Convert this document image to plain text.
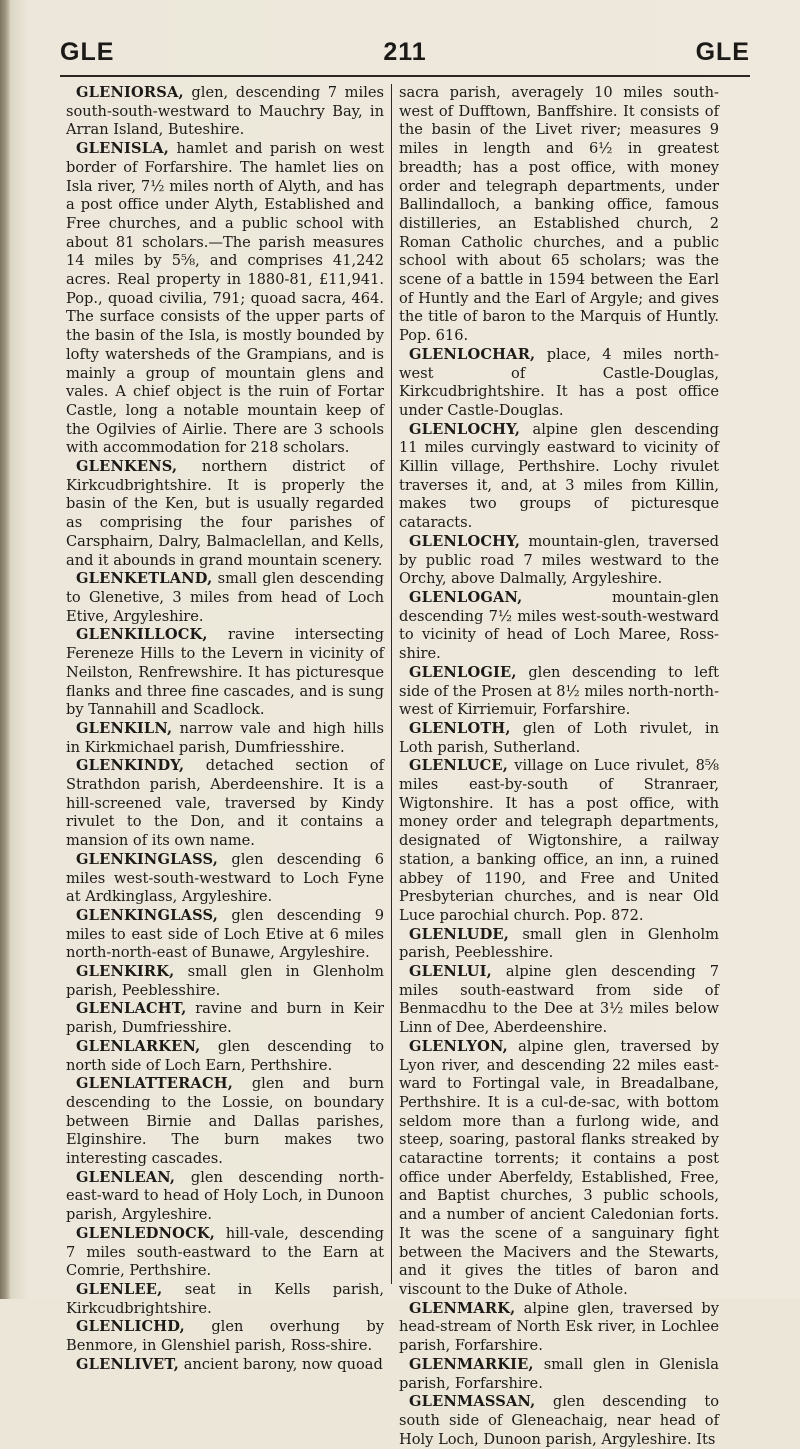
GLE	211	GLE

GLENIORSA, glen, descending 7 miles south-south-westward to Mauchry Bay, in Arran Island, Buteshire.

GLENISLA, hamlet and parish on west border of Forfarshire. The hamlet lies on Isla river, 7½ miles north of Alyth, and has a post office under Alyth, Established and Free churches, and a public school with about 81 scholars.—The parish measures 14 miles by 5⅝, and comprises 41,242 acres. Real property in 1880-81, £11,941. Pop., quoad civilia, 791; quoad sacra, 464. The surface consists of the upper parts of the basin of the Isla, is mostly bounded by lofty watersheds of the Grampians, and is mainly a group of mountain glens and vales. A chief object is the ruin of Fortar Castle, long a notable mountain keep of the Ogilvies of Airlie. There are 3 schools with accommodation for 218 scholars.

GLENKENS, northern district of Kirkcudbrightshire. It is properly the basin of the Ken, but is usually regarded as comprising the four parishes of Carsphairn, Dalry, Balmaclellan, and Kells, and it abounds in grand mountain scenery.

GLENKETLAND, small glen descending to Glenetive, 3 miles from head of Loch Etive, Argyleshire.

GLENKILLOCK, ravine intersecting Fereneze Hills to the Levern in vicinity of Neilston, Renfrewshire. It has picturesque flanks and three fine cascades, and is sung by Tannahill and Scadlock.

GLENKILN, narrow vale and high hills in Kirkmichael parish, Dumfriesshire.

GLENKINDY, detached section of Strathdon parish, Aberdeenshire. It is a hill-screened vale, traversed by Kindy rivulet to the Don, and it contains a mansion of its own name.

GLENKINGLASS, glen descending 6 miles west-south-westward to Loch Fyne at Ardkinglass, Argyleshire.

GLENKINGLASS, glen descending 9 miles to east side of Loch Etive at 6 miles north-north-east of Bunawe, Argyleshire.

GLENKIRK, small glen in Glenholm parish, Peeblesshire.

GLENLACHT, ravine and burn in Keir parish, Dumfriesshire.

GLENLARKEN, glen descending to north side of Loch Earn, Perthshire.

GLENLATTERACH, glen and burn descending to the Lossie, on boundary between Birnie and Dallas parishes, Elginshire. The burn makes two interesting cascades.

GLENLEAN, glen descending north-east-ward to head of Holy Loch, in Dunoon parish, Argyleshire.

GLENLEDNOCK, hill-vale, descending 7 miles south-eastward to the Earn at Comrie, Perthshire.

GLENLEE, seat in Kells parish, Kirkcudbrightshire.

GLENLICHD, glen overhung by Benmore, in Glenshiel parish, Ross-shire.

GLENLIVET, ancient barony, now quoad

sacra parish, averagely 10 miles south-west of Dufftown, Banffshire. It consists of the basin of the Livet river; measures 9 miles in length and 6½ in greatest breadth; has a post office, with money order and telegraph departments, under Ballindalloch, a banking office, famous distilleries, an Established church, 2 Roman Catholic churches, and a public school with about 65 scholars; was the scene of a battle in 1594 between the Earl of Huntly and the Earl of Argyle; and gives the title of baron to the Marquis of Huntly. Pop. 616.

GLENLOCHAR, place, 4 miles north-west of Castle-Douglas, Kirkcudbrightshire. It has a post office under Castle-Douglas.

GLENLOCHY, alpine glen descending 11 miles curvingly eastward to vicinity of Killin village, Perthshire. Lochy rivulet traverses it, and, at 3 miles from Killin, makes two groups of picturesque cataracts.

GLENLOCHY, mountain-glen, traversed by public road 7 miles westward to the Orchy, above Dalmally, Argyleshire.

GLENLOGAN, mountain-glen descending 7½ miles west-south-westward to vicinity of head of Loch Maree, Ross-shire.

GLENLOGIE, glen descending to left side of the Prosen at 8½ miles north-north-west of Kirriemuir, Forfarshire.

GLENLOTH, glen of Loth rivulet, in Loth parish, Sutherland.

GLENLUCE, village on Luce rivulet, 8⅝ miles east-by-south of Stranraer, Wigtonshire. It has a post office, with money order and telegraph departments, designated of Wigtonshire, a railway station, a banking office, an inn, a ruined abbey of 1190, and Free and United Presbyterian churches, and is near Old Luce parochial church. Pop. 872.

GLENLUDE, small glen in Glenholm parish, Peeblesshire.

GLENLUI, alpine glen descending 7 miles south-eastward from side of Benmacdhu to the Dee at 3½ miles below Linn of Dee, Aberdeenshire.

GLENLYON, alpine glen, traversed by Lyon river, and descending 22 miles east-ward to Fortingal vale, in Breadalbane, Perthshire. It is a cul-de-sac, with bottom seldom more than a furlong wide, and steep, soaring, pastoral flanks streaked by cataractine torrents; it contains a post office under Aberfeldy, Established, Free, and Baptist churches, 3 public schools, and a number of ancient Caledonian forts. It was the scene of a sanguinary fight between the Macivers and the Stewarts, and it gives the titles of baron and viscount to the Duke of Athole.

GLENMARK, alpine glen, traversed by head-stream of North Esk river, in Lochlee parish, Forfarshire.

GLENMARKIE, small glen in Glenisla parish, Forfarshire.

GLENMASSAN, glen descending to south side of Gleneachaig, near head of Holy Loch, Dunoon parish, Argyleshire. Its
